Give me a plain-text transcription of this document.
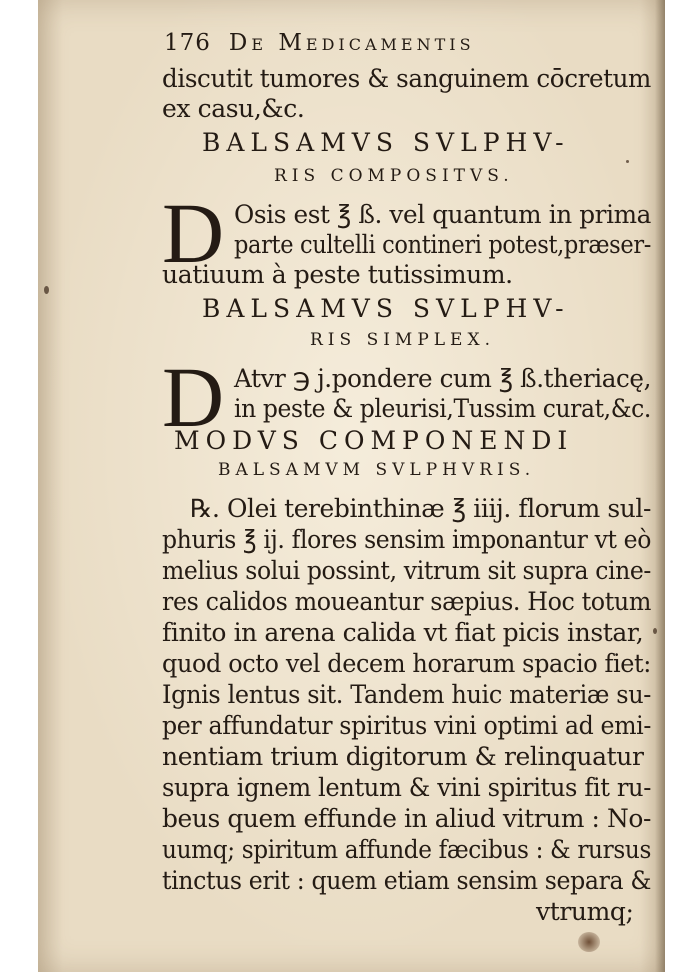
176 De Medicamentis

discutit tumores & sanguinem cōcretum

ex casu,&c.

BALSAMVS SVLPHV-

RIS COMPOSITVS.

D Osis est ℥ ß. vel quantum in prima

parte cultelli contineri potest,præser-

uatiuum à peste tutissimum.

BALSAMVS SVLPHV-

RIS SIMPLEX.

D Atvr ℈ j.pondere cum ℥ ß.theriacę,

in peste & pleurisi,Tussim curat,&c.

MODVS COMPONENDI

BALSAMVM SVLPHVRIS.

℞. Olei terebinthinæ ℥ iiij. florum sul-

phuris ℥ ij. flores sensim imponantur vt eò

melius solui possint, vitrum sit supra cine-

res calidos moueantur sæpius. Hoc totum

finito in arena calida vt fiat picis instar,

quod octo vel decem horarum spacio fiet:

Ignis lentus sit. Tandem huic materiæ su-

per affundatur spiritus vini optimi ad emi-

nentiam trium digitorum & relinquatur

supra ignem lentum & vini spiritus fit ru-

beus quem effunde in aliud vitrum : No-

uumq; spiritum affunde fæcibus : & rursus

tinctus erit : quem etiam sensim separa &

vtrumq;
